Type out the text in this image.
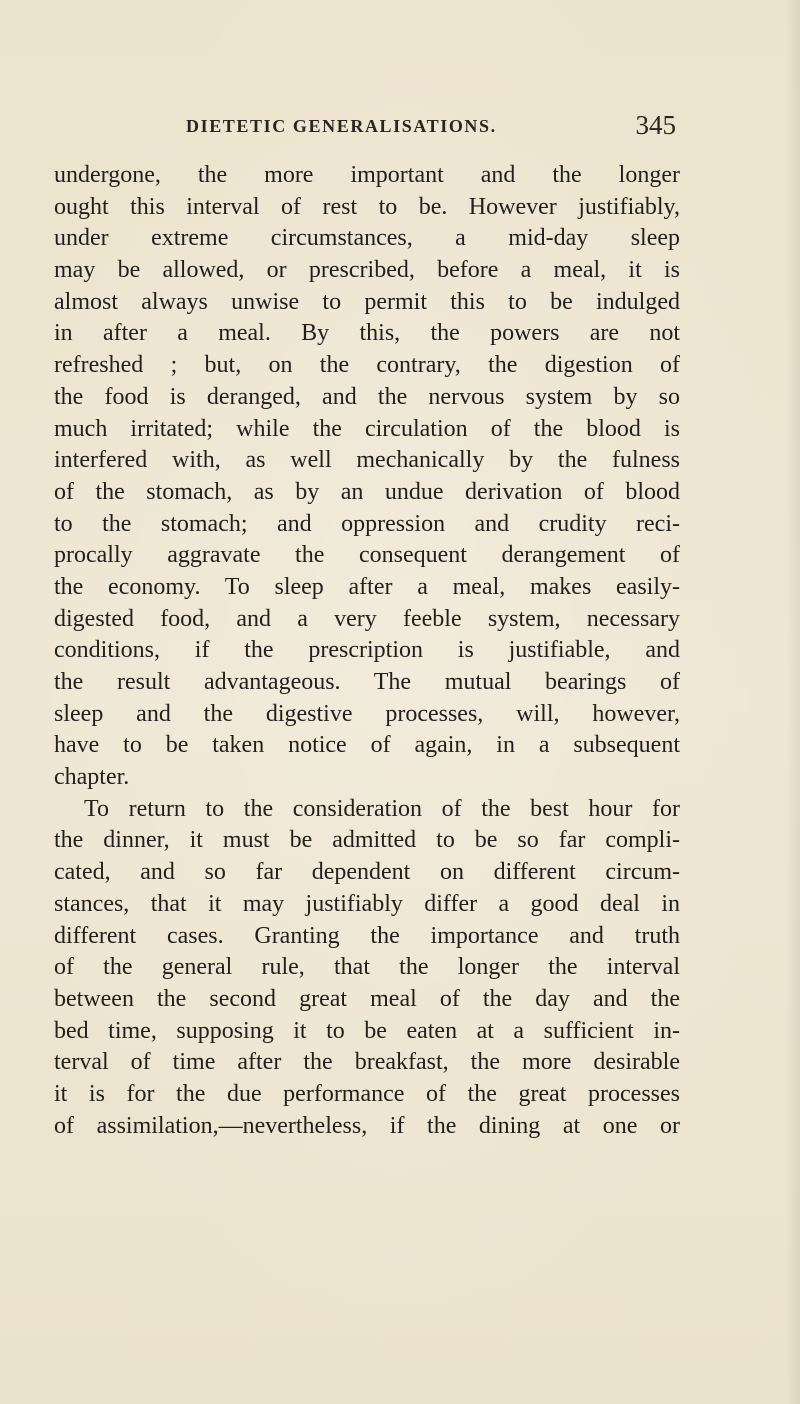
DIETETIC GENERALISATIONS.	345
undergone, the more important and the longer
ought this interval of rest to be. However justifiably,
under extreme circumstances, a mid-day sleep
may be allowed, or prescribed, before a meal, it is
almost always unwise to permit this to be indulged
in after a meal. By this, the powers are not
refreshed ; but, on the contrary, the digestion of
the food is deranged, and the nervous system by so
much irritated; while the circulation of the blood is
interfered with, as well mechanically by the fulness
of the stomach, as by an undue derivation of blood
to the stomach; and oppression and crudity reci-
procally aggravate the consequent derangement of
the economy. To sleep after a meal, makes easily-
digested food, and a very feeble system, necessary
conditions, if the prescription is justifiable, and
the result advantageous. The mutual bearings of
sleep and the digestive processes, will, however,
have to be taken notice of again, in a subsequent
chapter.
To return to the consideration of the best hour for
the dinner, it must be admitted to be so far compli-
cated, and so far dependent on different circum-
stances, that it may justifiably differ a good deal in
different cases. Granting the importance and truth
of the general rule, that the longer the interval
between the second great meal of the day and the
bed time, supposing it to be eaten at a sufficient in-
terval of time after the breakfast, the more desirable
it is for the due performance of the great processes
of assimilation,—nevertheless, if the dining at one or
